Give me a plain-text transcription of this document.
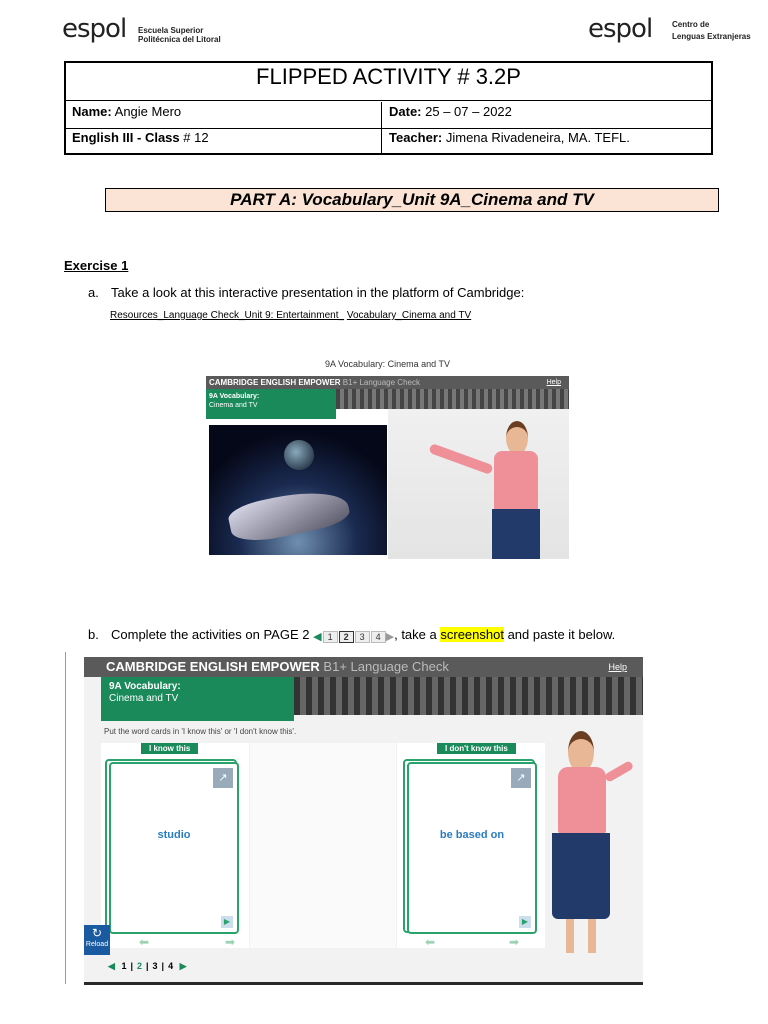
espol Escuela Superior
Politécnica del Litoral	espol Centro de
Lenguas Extranjeras
FLIPPED ACTIVITY # 3.2P
Name: Angie Mero	Date: 25 – 07 – 2022
English III - Class # 12	Teacher: Jimena Rivadeneira, MA. TEFL.
PART A: Vocabulary_Unit 9A_Cinema and TV
Exercise 1
a. Take a look at this interactive presentation in the platform of Cambridge:
Resources_Language Check_Unit 9: Entertainment_ Vocabulary_Cinema and TV
9A Vocabulary: Cinema and TV
CAMBRIDGE ENGLISH EMPOWER B1+ Language Check	Help
9A Vocabulary:
Cinema and TV
b. Complete the activities on PAGE 2 ◀ 1 2 3 4 ▶, take a screenshot and paste it below.
CAMBRIDGE ENGLISH EMPOWER B1+ Language Check	Help
9A Vocabulary:
Cinema and TV
Put the word cards in 'I know this' or 'I don't know this'.
I know this
studio
↗
▶
⬅	➡
I don't know this
be based on
↗
▶
⬅	➡
↻
Reload
◀ 1 | 2 | 3 | 4 ▶
